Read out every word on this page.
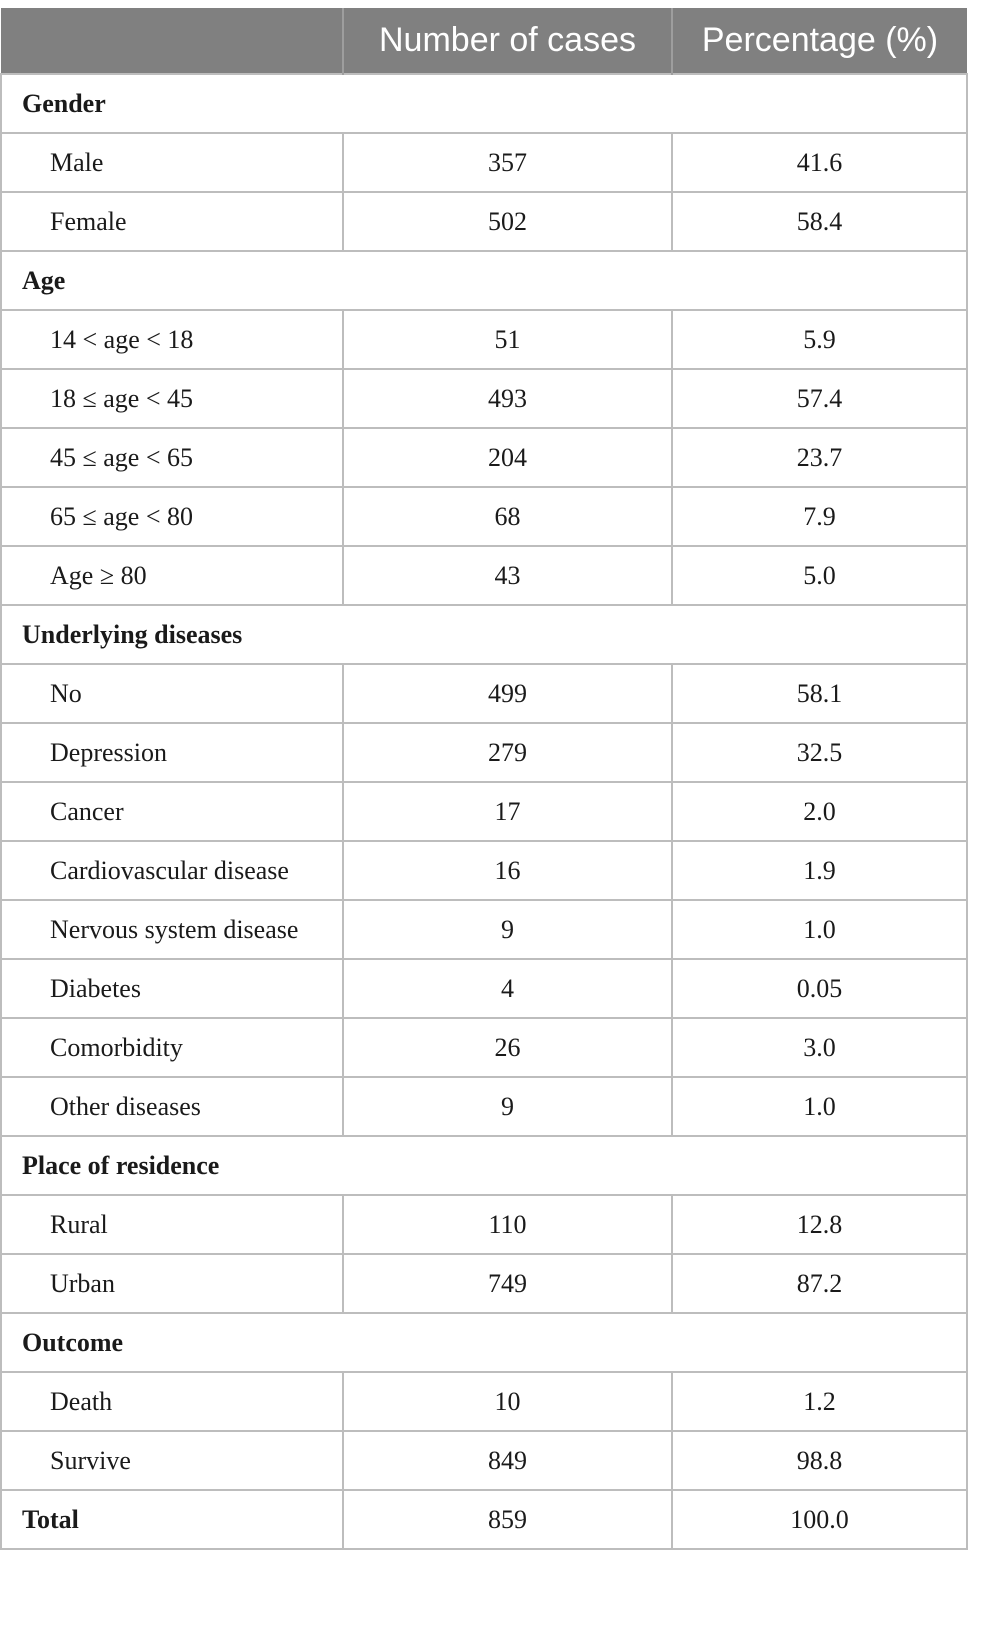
	Number of cases	Percentage (%)
Gender		
Male	357	41.6
Female	502	58.4
Age		
14 < age < 18	51	5.9
18 ≤ age < 45	493	57.4
45 ≤ age < 65	204	23.7
65 ≤ age < 80	68	7.9
Age ≥ 80	43	5.0
Underlying diseases		
No	499	58.1
Depression	279	32.5
Cancer	17	2.0
Cardiovascular disease	16	1.9
Nervous system disease	9	1.0
Diabetes	4	0.05
Comorbidity	26	3.0
Other diseases	9	1.0
Place of residence		
Rural	110	12.8
Urban	749	87.2
Outcome		
Death	10	1.2
Survive	849	98.8
Total	859	100.0
